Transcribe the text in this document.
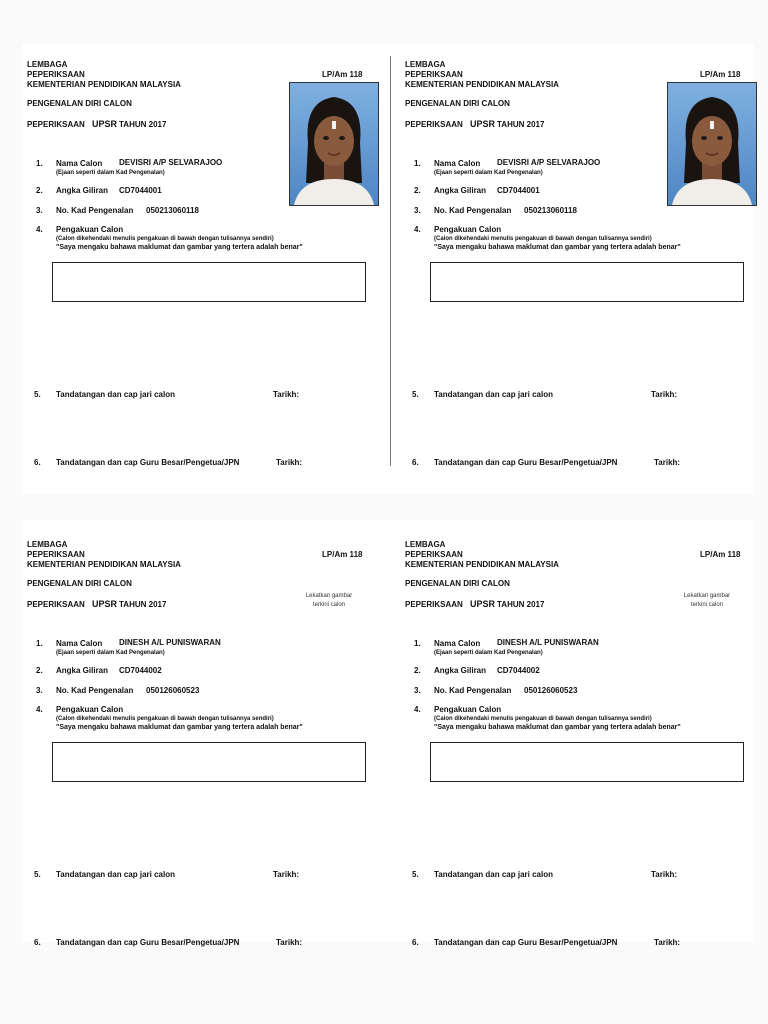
LEMBAGA
PEPERIKSAAN
KEMENTERIAN PENDIDIKAN MALAYSIA
LP/Am 118
PENGENALAN DIRI CALON
PEPERIKSAAN UPSR TAHUN 2017
1. Nama Calon DEVISRI A/P SELVARAJOO
(Ejaan seperti dalam Kad Pengenalan)
2. Angka Giliran CD7044001
3. No. Kad Pengenalan 050213060118
4. Pengakuan Calon
(Calon dikehendaki menulis pengakuan di bawah dengan tulisannya sendiri)
"Saya mengaku bahawa maklumat dan gambar yang tertera adalah benar"
5. Tandatangan dan cap jari calon	Tarikh:
6. Tandatangan dan cap Guru Besar/Pengetua/JPN	Tarikh:
LEMBAGA
PEPERIKSAAN
KEMENTERIAN PENDIDIKAN MALAYSIA
LP/Am 118
PENGENALAN DIRI CALON
PEPERIKSAAN UPSR TAHUN 2017
1. Nama Calon DEVISRI A/P SELVARAJOO
(Ejaan seperti dalam Kad Pengenalan)
2. Angka Giliran CD7044001
3. No. Kad Pengenalan 050213060118
4. Pengakuan Calon
(Calon dikehendaki menulis pengakuan di bawah dengan tulisannya sendiri)
"Saya mengaku bahawa maklumat dan gambar yang tertera adalah benar"
5. Tandatangan dan cap jari calon	Tarikh:
6. Tandatangan dan cap Guru Besar/Pengetua/JPN	Tarikh:
LEMBAGA
PEPERIKSAAN
KEMENTERIAN PENDIDIKAN MALAYSIA
LP/Am 118
PENGENALAN DIRI CALON
PEPERIKSAAN UPSR TAHUN 2017
Lekatkan gambar terkini calon
1. Nama Calon DINESH A/L PUNISWARAN
(Ejaan seperti dalam Kad Pengenalan)
2. Angka Giliran CD7044002
3. No. Kad Pengenalan 050126060523
4. Pengakuan Calon
(Calon dikehendaki menulis pengakuan di bawah dengan tulisannya sendiri)
"Saya mengaku bahawa maklumat dan gambar yang tertera adalah benar"
5. Tandatangan dan cap jari calon	Tarikh:
6. Tandatangan dan cap Guru Besar/Pengetua/JPN	Tarikh:
LEMBAGA
PEPERIKSAAN
KEMENTERIAN PENDIDIKAN MALAYSIA
LP/Am 118
PENGENALAN DIRI CALON
PEPERIKSAAN UPSR TAHUN 2017
Lekatkan gambar terkini calon
1. Nama Calon DINESH A/L PUNISWARAN
(Ejaan seperti dalam Kad Pengenalan)
2. Angka Giliran CD7044002
3. No. Kad Pengenalan 050126060523
4. Pengakuan Calon
(Calon dikehendaki menulis pengakuan di bawah dengan tulisannya sendiri)
"Saya mengaku bahawa maklumat dan gambar yang tertera adalah benar"
5. Tandatangan dan cap jari calon	Tarikh:
6. Tandatangan dan cap Guru Besar/Pengetua/JPN	Tarikh:
